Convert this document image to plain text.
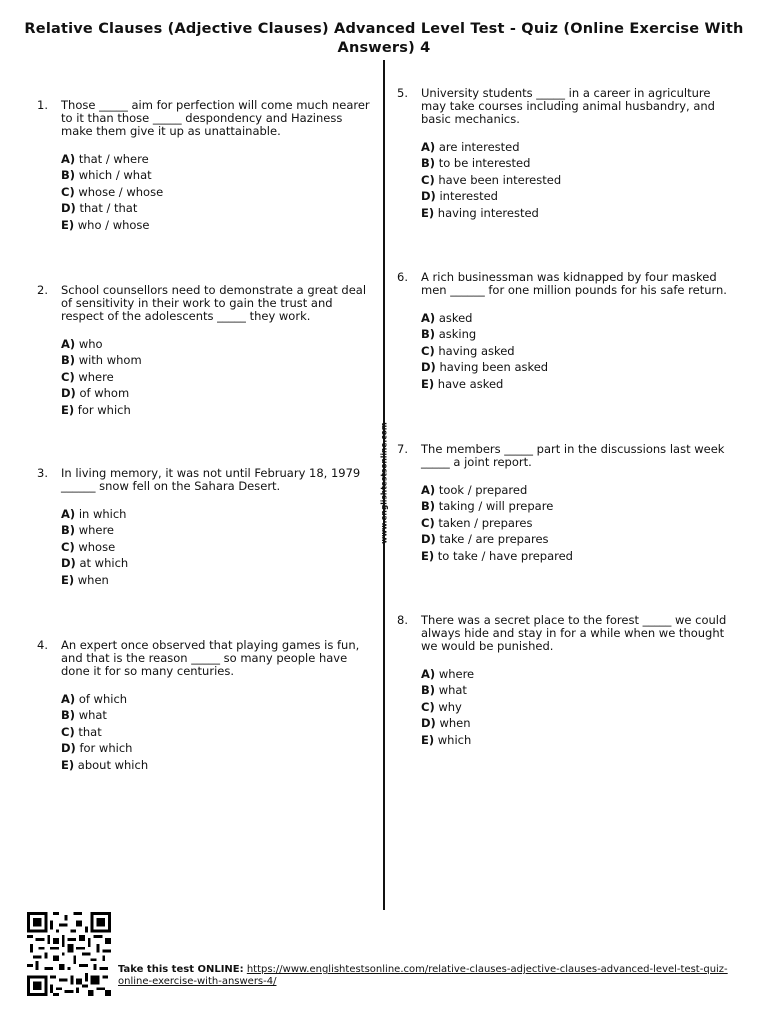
Relative Clauses (Adjective Clauses) Advanced Level Test - Quiz (Online Exercise With Answers) 4
www.englishtestsonline.com
1. Those _____ aim for perfection will come much nearer to it than those _____ despondency and Haziness make them give it up as unattainable.
A) that / where
B) which / what
C) whose / whose
D) that / that
E) who / whose
2. School counsellors need to demonstrate a great deal of sensitivity in their work to gain the trust and respect of the adolescents _____ they work.
A) who
B) with whom
C) where
D) of whom
E) for which
3. In living memory, it was not until February 18, 1979 ______ snow fell on the Sahara Desert.
A) in which
B) where
C) whose
D) at which
E) when
4. An expert once observed that playing games is fun, and that is the reason _____ so many people have done it for so many centuries.
A) of which
B) what
C) that
D) for which
E) about which
5. University students _____ in a career in agriculture may take courses including animal husbandry, and basic mechanics.
A) are interested
B) to be interested
C) have been interested
D) interested
E) having interested
6. A rich businessman was kidnapped by four masked men ______ for one million pounds for his safe return.
A) asked
B) asking
C) having asked
D) having been asked
E) have asked
7. The members _____ part in the discussions last week _____ a joint report.
A) took / prepared
B) taking / will prepare
C) taken / prepares
D) take / are prepares
E) to take / have prepared
8. There was a secret place to the forest _____ we could always hide and stay in for a while when we thought we would be punished.
A) where
B) what
C) why
D) when
E) which
Take this test ONLINE: https://www.englishtestsonline.com/relative-clauses-adjective-clauses-advanced-level-test-quiz-online-exercise-with-answers-4/
